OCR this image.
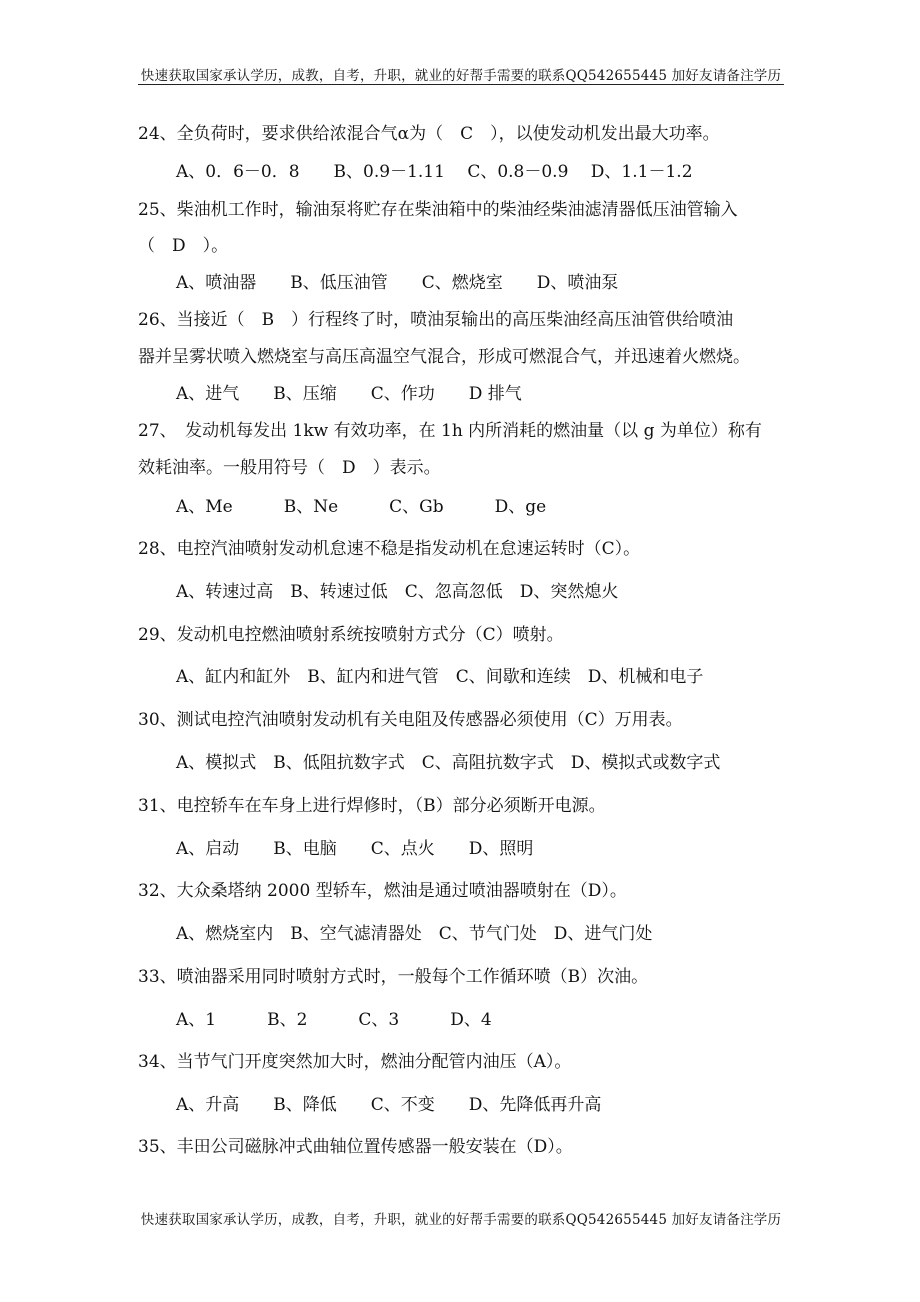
快速获取国家承认学历，成教，自考，升职，就业的好帮手需要的联系QQ542655445 加好友请备注学历
24、全负荷时，要求供给浓混合气α为（　C　），以使发动机发出最大功率。
A、0．6－0．8　　B、0.9－1.11　 C、0.8－0.9　 D、1.1－1.2
25、柴油机工作时，输油泵将贮存在柴油箱中的柴油经柴油滤清器低压油管输入
（　D　）。
A、喷油器　　B、低压油管　　C、燃烧室　　D、喷油泵
26、当接近（　B　）行程终了时，喷油泵输出的高压柴油经高压油管供给喷油
器并呈雾状喷入燃烧室与高压高温空气混合，形成可燃混合气，并迅速着火燃烧。
A、进气　　B、压缩　　C、作功　　D 排气
27、　发动机每发出 1kw 有效功率，在 1h 内所消耗的燃油量（以 g 为单位）称有
效耗油率。一般用符号（　D　）表示。
A、Me　　　B、Ne　　　C、Gb　　　D、ge
28、电控汽油喷射发动机怠速不稳是指发动机在怠速运转时（C）。
A、转速过高　B、转速过低　C、忽高忽低　D、突然熄火
29、发动机电控燃油喷射系统按喷射方式分（C）喷射。
A、缸内和缸外　B、缸内和进气管　C、间歇和连续　D、机械和电子
30、测试电控汽油喷射发动机有关电阻及传感器必须使用（C）万用表。
A、模拟式　B、低阻抗数字式　C、高阻抗数字式　D、模拟式或数字式
31、电控轿车在车身上进行焊修时，（B）部分必须断开电源。
A、启动　　B、电脑　　C、点火　　D、照明
32、大众桑塔纳 2000 型轿车，燃油是通过喷油器喷射在（D）。
A、燃烧室内　B、空气滤清器处　C、节气门处　D、进气门处
33、喷油器采用同时喷射方式时，一般每个工作循环喷（B）次油。
A、1　　　B、2　　　C、3　　　D、4
34、当节气门开度突然加大时，燃油分配管内油压（A）。
A、升高　　B、降低　　C、不变　　D、先降低再升高
35、丰田公司磁脉冲式曲轴位置传感器一般安装在（D）。
快速获取国家承认学历，成教，自考，升职，就业的好帮手需要的联系QQ542655445 加好友请备注学历
